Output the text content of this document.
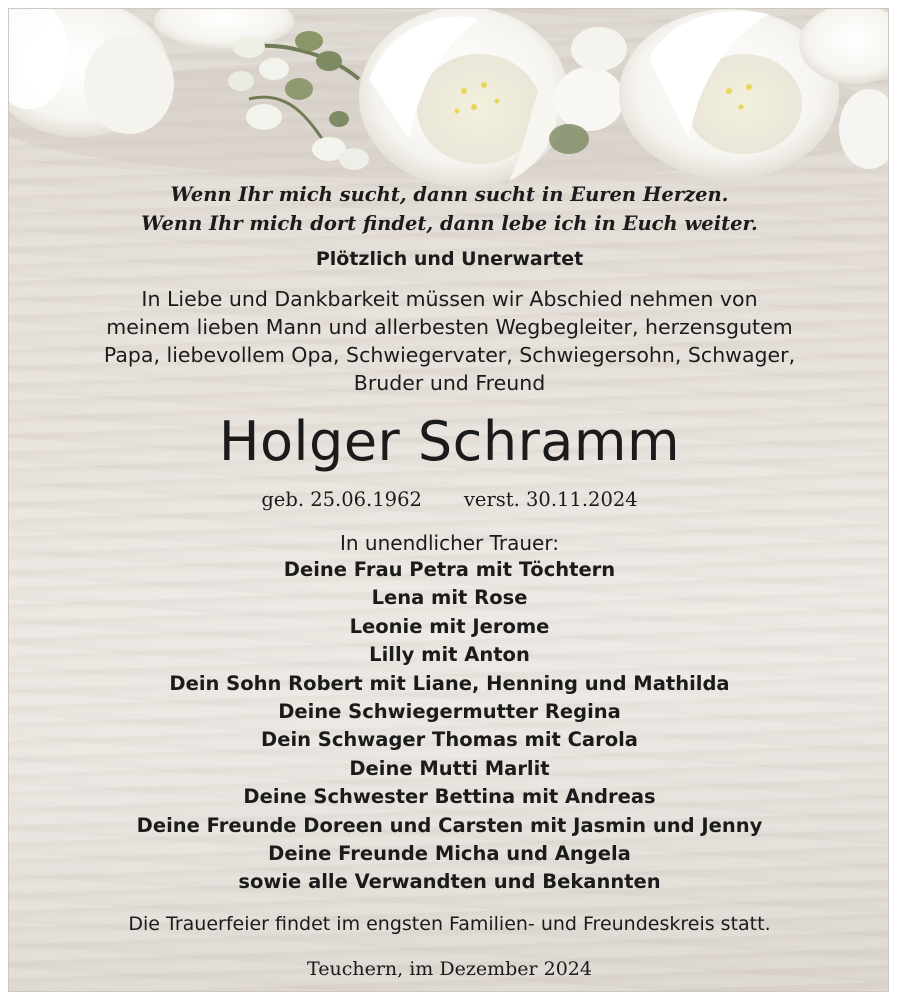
Wenn Ihr mich sucht, dann sucht in Euren Herzen.
Wenn Ihr mich dort findet, dann lebe ich in Euch weiter.
Plötzlich und Unerwartet
In Liebe und Dankbarkeit müssen wir Abschied nehmen von
meinem lieben Mann und allerbesten Wegbegleiter, herzensgutem
Papa, liebevollem Opa, Schwiegervater, Schwiegersohn, Schwager,
Bruder und Freund
Holger Schramm
geb. 25.06.1962 verst. 30.11.2024
In unendlicher Trauer:
Deine Frau Petra mit Töchtern
Lena mit Rose
Leonie mit Jerome
Lilly mit Anton
Dein Sohn Robert mit Liane, Henning und Mathilda
Deine Schwiegermutter Regina
Dein Schwager Thomas mit Carola
Deine Mutti Marlit
Deine Schwester Bettina mit Andreas
Deine Freunde Doreen und Carsten mit Jasmin und Jenny
Deine Freunde Micha und Angela
sowie alle Verwandten und Bekannten
Die Trauerfeier findet im engsten Familien- und Freundeskreis statt.
Teuchern, im Dezember 2024
